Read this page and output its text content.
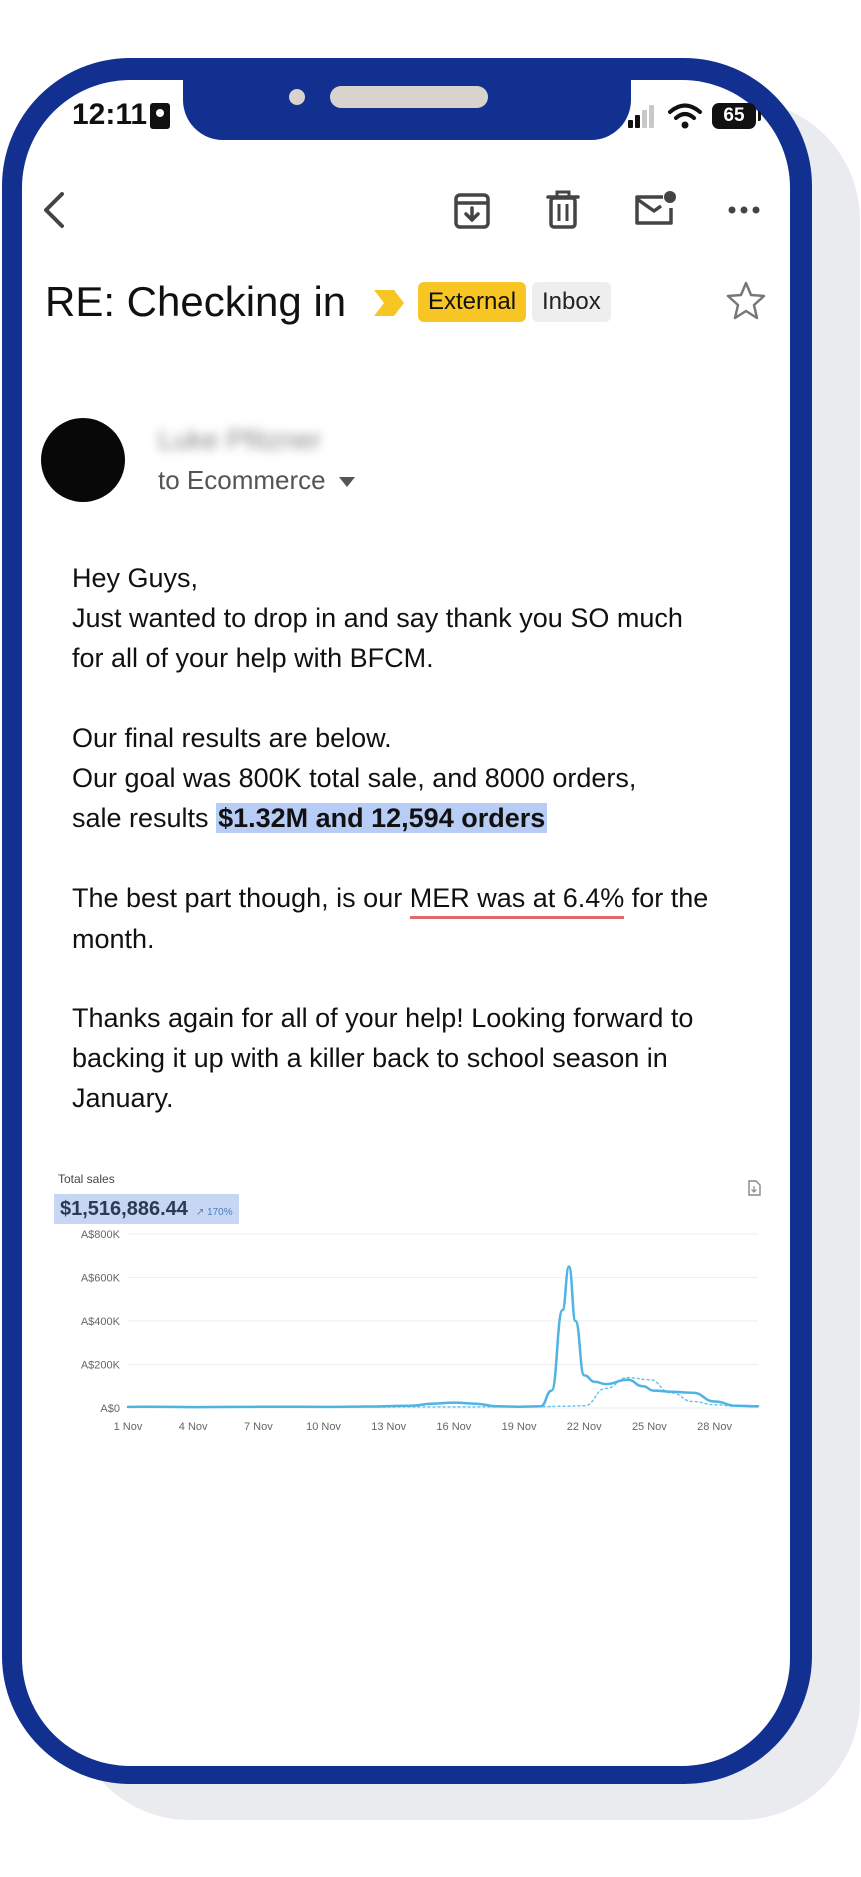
12:11	65
RE: Checking in	External	Inbox
Luke Pfitzner
to Ecommerce
Hey Guys,
Just wanted to drop in and say thank you SO much
for all of your help with BFCM.
Our final results are below.
Our goal was 800K total sale, and 8000 orders,
sale results $1.32M and 12,594 orders
The best part though, is our MER was at 6.4% for the
month.
Thanks again for all of your help! Looking forward to
backing it up with a killer back to school season in
January.
Total sales
$1,516,886.44 ↗ 170%
A$800K
A$600K
A$400K
A$200K
A$0
1 Nov	4 Nov	7 Nov	10 Nov	13 Nov	16 Nov	19 Nov	22 Nov	25 Nov	28 Nov
